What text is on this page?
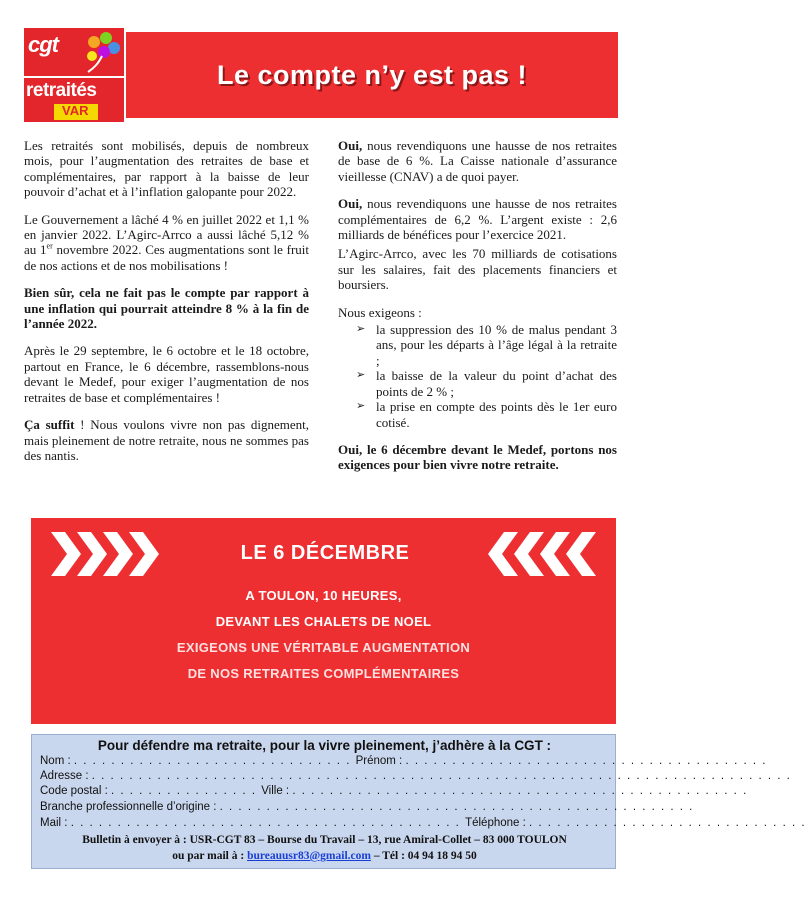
cgt
retraités
VAR
Le compte n’y est pas !

Les retraités sont mobilisés, depuis de nombreux mois, pour l’augmentation des retraites de base et complémentaires, par rapport à la baisse de leur pouvoir d’achat et à l’inflation galopante pour 2022.

Le Gouvernement a lâché 4 % en juillet 2022 et 1,1 % en janvier 2022. L’Agirc-Arrco a aussi lâché 5,12 % au 1er novembre 2022. Ces augmentations sont le fruit de nos actions et de nos mobilisations !

Bien sûr, cela ne fait pas le compte par rapport à une inflation qui pourrait atteindre 8 % à la fin de l’année 2022.

Après le 29 septembre, le 6 octobre et le 18 octobre, partout en France, le 6 décembre, rassemblons-nous devant le Medef, pour exiger l’augmentation de nos retraites de base et complémentaires !

Ça suffit ! Nous voulons vivre non pas dignement, mais pleinement de notre retraite, nous ne sommes pas des nantis.

Oui, nous revendiquons une hausse de nos retraites de base de 6 %. La Caisse nationale d’assurance vieillesse (CNAV) a de quoi payer.

Oui, nous revendiquons une hausse de nos retraites complémentaires de 6,2 %. L’argent existe : 2,6 milliards de bénéfices pour l’exercice 2021.

L’Agirc-Arrco, avec les 70 milliards de cotisations sur les salaires, fait des placements financiers et boursiers.

Nous exigeons :

➢ la suppression des 10 % de malus pendant 3 ans, pour les départs à l’âge légal à la retraite ;
➢ la baisse de la valeur du point d’achat des points de 2 % ;
➢ la prise en compte des points dès le 1er euro cotisé.

Oui, le 6 décembre devant le Medef, portons nos exigences pour bien vivre notre retraite.

LE 6 DÉCEMBRE
A TOULON, 10 HEURES,
DEVANT LES CHALETS DE NOEL
EXIGEONS UNE VÉRITABLE AUGMENTATION
DE NOS RETRAITES COMPLÉMENTAIRES
Pour défendre ma retraite, pour la vivre pleinement, j’adhère à la CGT :
Nom : . . . . . . . . . . . . . . . . . . . . . . . . . . . . . . Prénom : . . . . . . . . . . . . . . . . . . . . . . . . . . . . . . . . . . . . . . .
Adresse : . . . . . . . . . . . . . . . . . . . . . . . . . . . . . . . . . . . . . . . . . . . . . . . . . . . . . . . . . . . . . . . . . . . . . . . . . . .
Code postal : . . . . . . . . . . . . . . . . Ville : . . . . . . . . . . . . . . . . . . . . . . . . . . . . . . . . . . . . . . . . . . . . . . . . .
Branche professionnelle d’origine : . . . . . . . . . . . . . . . . . . . . . . . . . . . . . . . . . . . . . . . . . . . . . . . . . . .
Mail : . . . . . . . . . . . . . . . . . . . . . . . . . . . . . . . . . . . . . . . . . . Téléphone : . . . . . . . . . . . . . . . . . . . . . . . . . . . . . .
Bulletin à envoyer à : USR-CGT 83 – Bourse du Travail – 13, rue Amiral-Collet – 83 000 TOULON
ou par mail à : bureauusr83@gmail.com – Tél : 04 94 18 94 50
